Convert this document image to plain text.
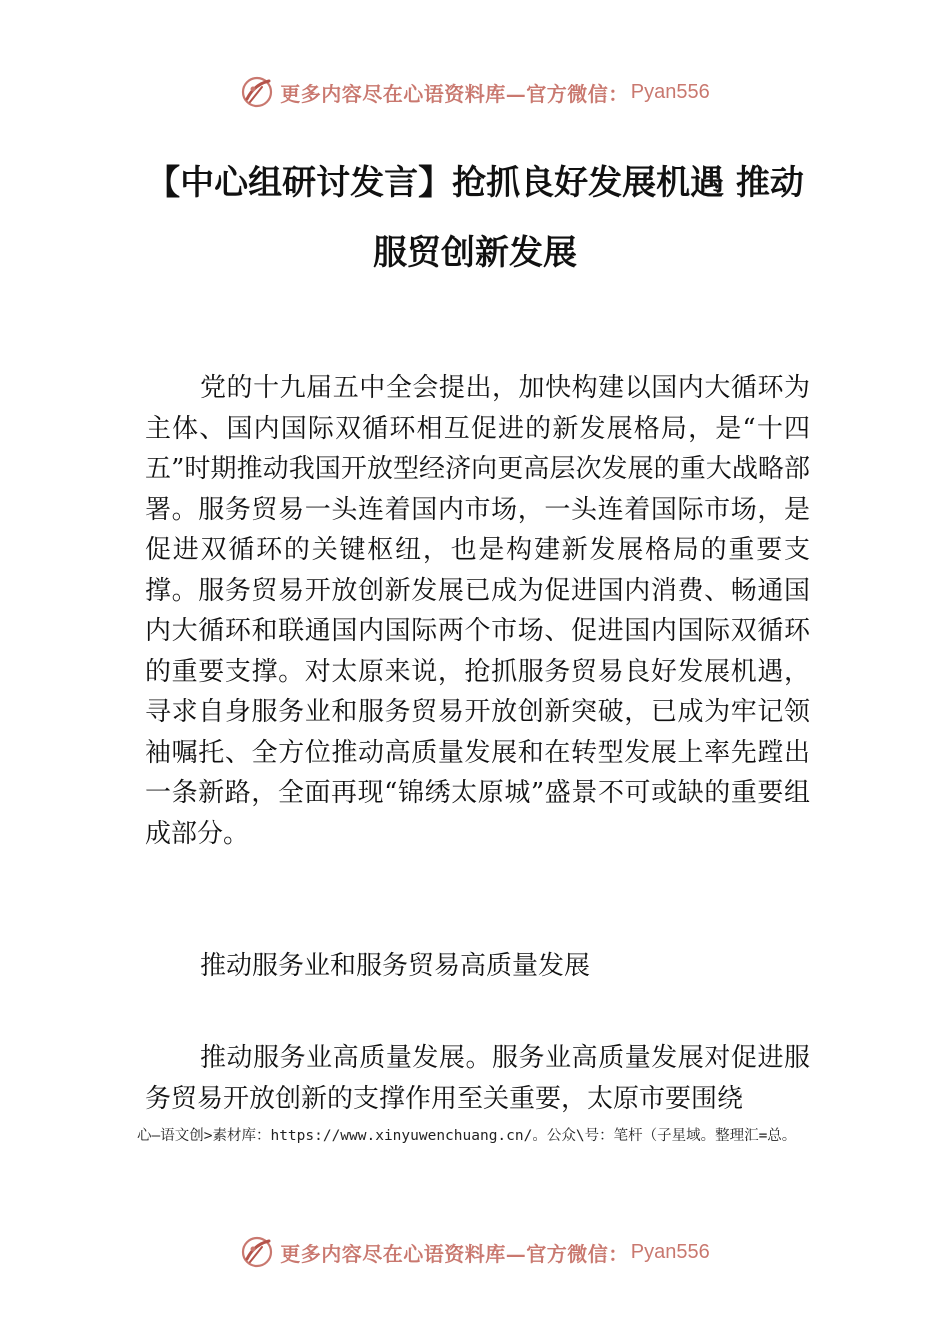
更多内容尽在心语资料库—官方微信： Pyan556
【中心组研讨发言】抢抓良好发展机遇 推动服贸创新发展
党的十九届五中全会提出，加快构建以国内大循环为主体、国内国际双循环相互促进的新发展格局，是“十四五”时期推动我国开放型经济向更高层次发展的重大战略部署。服务贸易一头连着国内市场，一头连着国际市场，是促进双循环的关键枢纽，也是构建新发展格局的重要支撑。服务贸易开放创新发展已成为促进国内消费、畅通国内大循环和联通国内国际两个市场、促进国内国际双循环的重要支撑。对太原来说，抢抓服务贸易良好发展机遇，寻求自身服务业和服务贸易开放创新突破，已成为牢记领袖嘱托、全方位推动高质量发展和在转型发展上率先蹚出一条新路，全面再现“锦绣太原城”盛景不可或缺的重要组成部分。
推动服务业和服务贸易高质量发展
推动服务业高质量发展。服务业高质量发展对促进服务贸易开放创新的支撑作用至关重要，太原市要围绕
心—语文创>素材库：https://www.xinyuwenchuang.cn/。公众\号：笔杆（子星域。整理汇=总。
更多内容尽在心语资料库—官方微信： Pyan556
